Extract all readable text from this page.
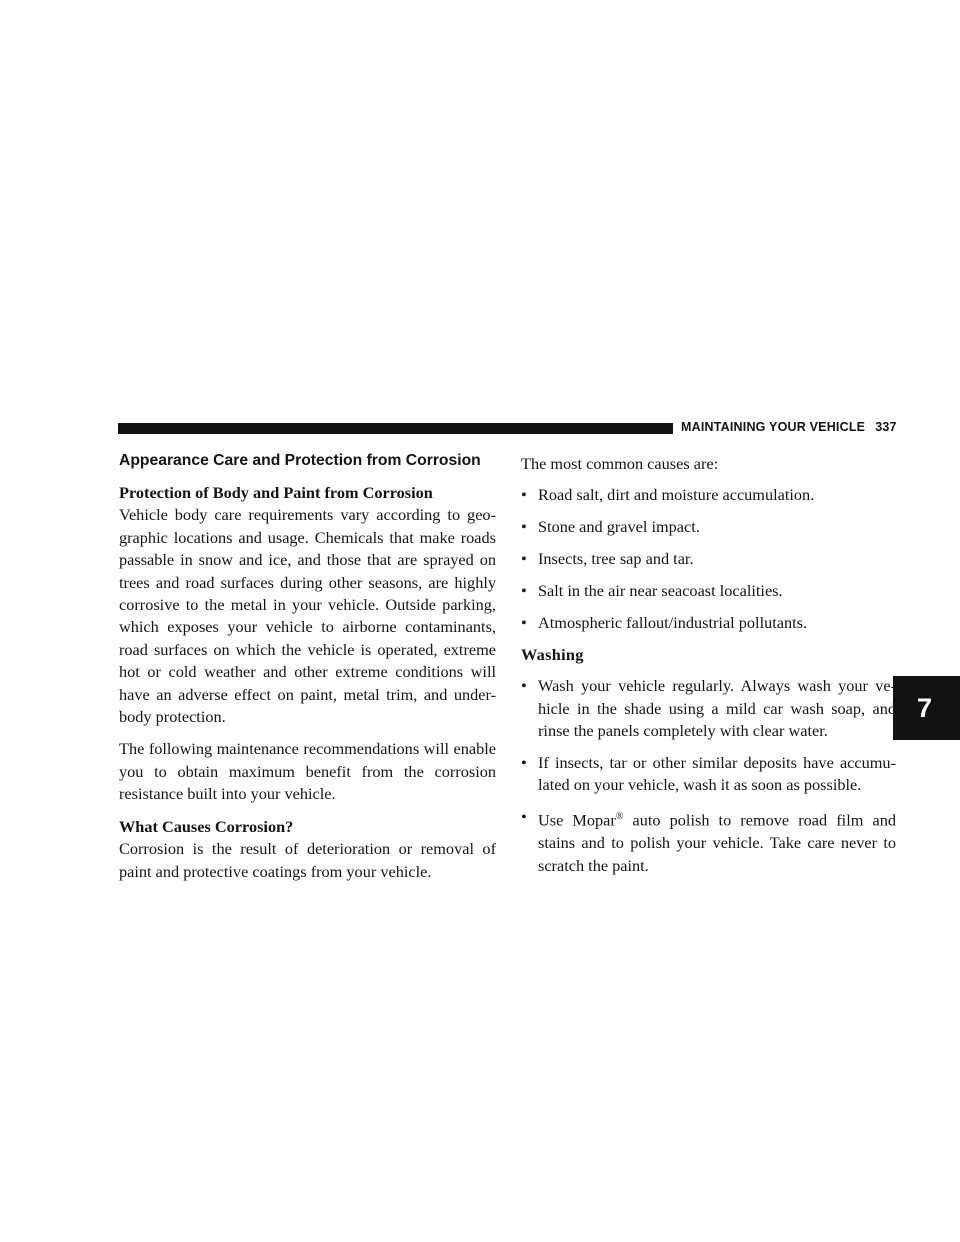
MAINTAINING YOUR VEHICLE 337
7
Appearance Care and Protection from Corrosion

Protection of Body and Paint from Corrosion

Vehicle body care requirements vary according to geo-graphic locations and usage. Chemicals that make roads passable in snow and ice, and those that are sprayed on trees and road surfaces during other seasons, are highly corrosive to the metal in your vehicle. Outside parking, which exposes your vehicle to airborne contaminants, road surfaces on which the vehicle is operated, extreme hot or cold weather and other extreme conditions will have an adverse effect on paint, metal trim, and under-body protection.

The following maintenance recommendations will enable you to obtain maximum benefit from the corrosion resistance built into your vehicle.

What Causes Corrosion?

Corrosion is the result of deterioration or removal of paint and protective coatings from your vehicle.

The most common causes are:

• Road salt, dirt and moisture accumulation.
• Stone and gravel impact.
• Insects, tree sap and tar.
• Salt in the air near seacoast localities.
• Atmospheric fallout/industrial pollutants.

Washing

• Wash your vehicle regularly. Always wash your ve-hicle in the shade using a mild car wash soap, and rinse the panels completely with clear water.
• If insects, tar or other similar deposits have accumu-lated on your vehicle, wash it as soon as possible.
• Use Mopar® auto polish to remove road film and stains and to polish your vehicle. Take care never to scratch the paint.
